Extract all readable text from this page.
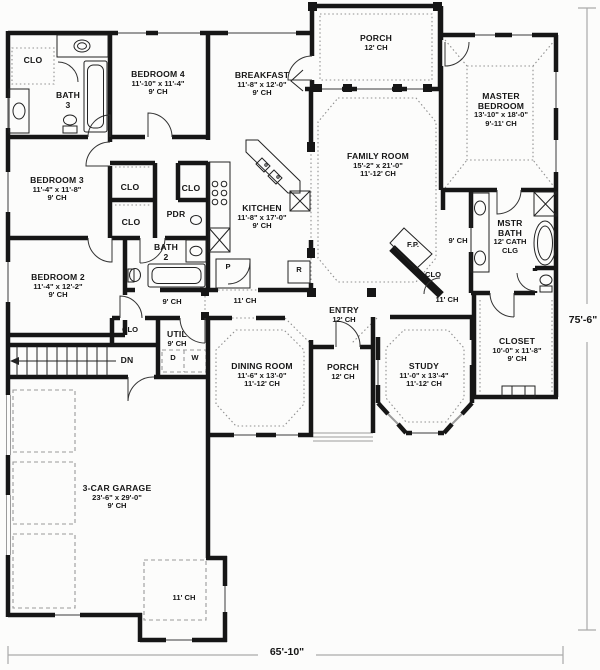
BEDROOM 4
11'-10" x 11'-4"
9' CH
BREAKFAST
11'-8" x 12'-0"
9' CH
PORCH
12' CH
MASTER
BEDROOM
13'-10" x 18'-0"
9'-11' CH
CLO
BATH
3
BEDROOM 3
11'-4" x 11'-8"
9' CH
CLO
CLO
CLO
PDR
KITCHEN
11'-8" x 17'-0"
9' CH
FAMILY ROOM
15'-2" x 21'-0"
11'-12' CH
BATH
2
BEDROOM 2
11'-4" x 12'-2"
9' CH
MSTR
BATH
12' CATH
CLG
9' CH
F.P.
CLO
11' CH
9' CH	11' CH
ENTRY
12' CH
CLOSET
10'-0" x 11'-8"
9' CH
CLO
DN
UTIL
9' CH
D W
DINING ROOM
11'-6" x 13'-0"
11'-12' CH
PORCH
12' CH
STUDY
11'-0" x 13'-4"
11'-12' CH
3-CAR GARAGE
23'-6" x 29'-0"
9' CH
11' CH
P	R
65'-10"
75'-6"
